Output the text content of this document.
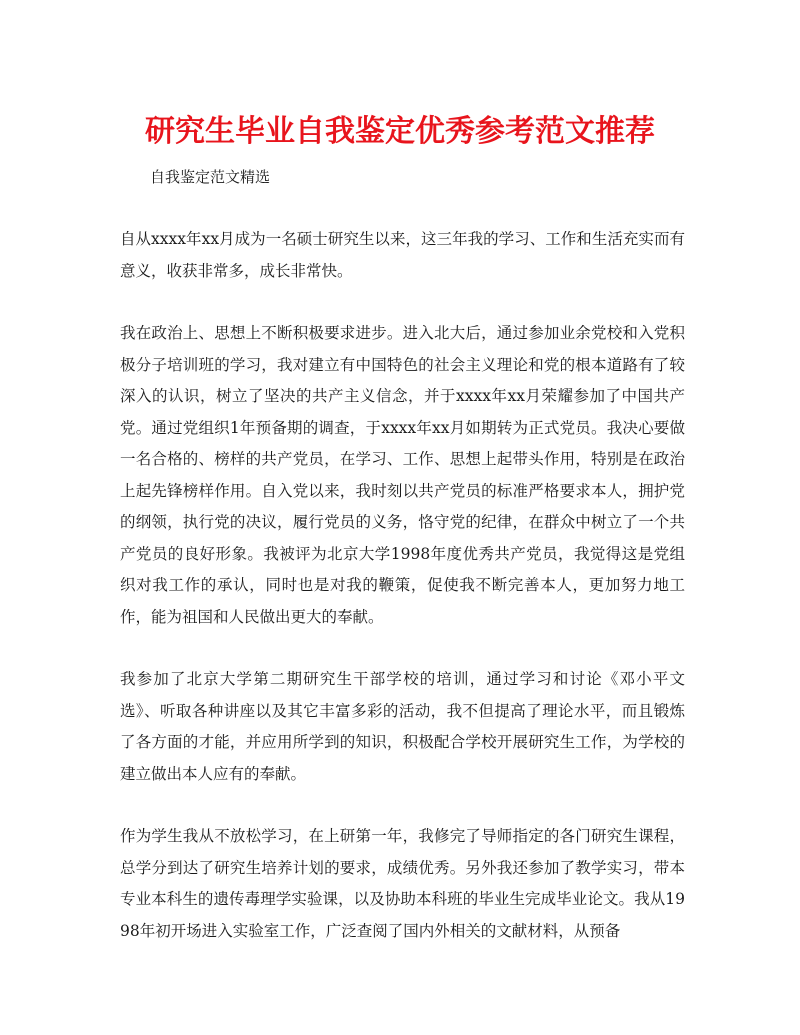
研究生毕业自我鉴定优秀参考范文推荐

自我鉴定范文精选

自从xxxx年xx月成为一名硕士研究生以来，这三年我的学习、工作和生活充实而有意义，收获非常多，成长非常快。

我在政治上、思想上不断积极要求进步。进入北大后，通过参加业余党校和入党积极分子培训班的学习，我对建立有中国特色的社会主义理论和党的根本道路有了较深入的认识，树立了坚决的共产主义信念，并于xxxx年xx月荣耀参加了中国共产党。通过党组织1年预备期的调查，于xxxx年xx月如期转为正式党员。我决心要做一名合格的、榜样的共产党员，在学习、工作、思想上起带头作用，特别是在政治上起先锋榜样作用。自入党以来，我时刻以共产党员的标准严格要求本人，拥护党的纲领，执行党的决议，履行党员的义务，恪守党的纪律，在群众中树立了一个共产党员的良好形象。我被评为北京大学1998年度优秀共产党员，我觉得这是党组织对我工作的承认，同时也是对我的鞭策，促使我不断完善本人，更加努力地工作，能为祖国和人民做出更大的奉献。

我参加了北京大学第二期研究生干部学校的培训，通过学习和讨论《邓小平文选》、听取各种讲座以及其它丰富多彩的活动，我不但提高了理论水平，而且锻炼了各方面的才能，并应用所学到的知识，积极配合学校开展研究生工作，为学校的建立做出本人应有的奉献。

作为学生我从不放松学习，在上研第一年，我修完了导师指定的各门研究生课程，总学分到达了研究生培养计划的要求，成绩优秀。另外我还参加了教学实习，带本专业本科生的遗传毒理学实验课，以及协助本科班的毕业生完成毕业论文。我从1998年初开场进入实验室工作，广泛查阅了国内外相关的文献材料，从预备
